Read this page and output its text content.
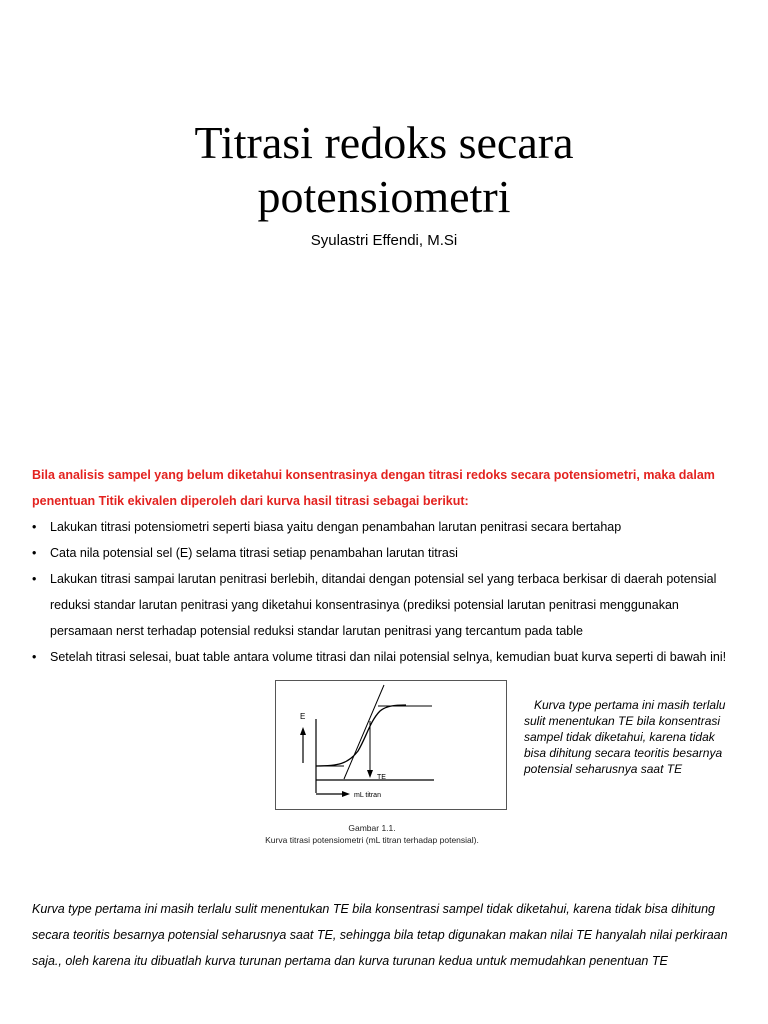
Titrasi redoks secara
potensiometri
Syulastri Effendi, M.Si
Bila analisis sampel yang belum diketahui konsentrasinya dengan titrasi redoks secara potensiometri, maka dalam penentuan Titik ekivalen diperoleh dari kurva hasil titrasi sebagai berikut:
• Lakukan titrasi potensiometri seperti biasa yaitu dengan penambahan larutan penitrasi secara bertahap
• Cata nila potensial sel (E) selama titrasi setiap penambahan larutan titrasi
• Lakukan titrasi sampai larutan penitrasi berlebih, ditandai dengan potensial sel yang terbaca berkisar di daerah potensial reduksi standar larutan penitrasi yang diketahui konsentrasinya (prediksi potensial larutan penitrasi menggunakan persamaan nerst terhadap potensial reduksi standar larutan penitrasi yang tercantum pada table
• Setelah titrasi selesai, buat table antara volume titrasi dan nilai potensial selnya, kemudian buat kurva seperti di bawah ini!
E
mL titran
TE
Gambar 1.1.
Kurva titrasi potensiometri (mL titran terhadap potensial).
Kurva type pertama ini masih terlalu
sulit menentukan TE bila konsentrasi
sampel tidak diketahui, karena tidak
bisa dihitung secara teoritis besarnya
potensial seharusnya saat TE
Kurva type pertama ini masih terlalu sulit menentukan TE bila konsentrasi sampel tidak diketahui, karena tidak bisa dihitung secara teoritis besarnya potensial seharusnya saat TE, sehingga bila tetap digunakan makan nilai TE hanyalah nilai perkiraan saja., oleh karena itu dibuatlah kurva turunan pertama dan kurva turunan kedua untuk memudahkan penentuan TE
